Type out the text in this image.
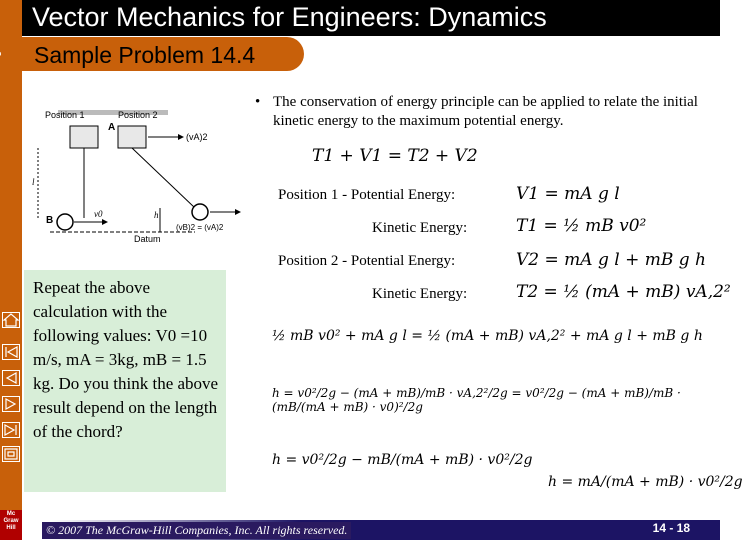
Mc
Graw
Hill
Vector Mechanics for Engineers: Dynamics
Sample Problem 14.4
Position 1	Position 2
A
l
(vA)2
B
v0
(vB)2 = (vA)2
h
Datum
• The conservation of energy principle can be applied to relate the initial kinetic energy to the maximum potential energy.
T1 + V1 = T2 + V2
Position 1 - Potential Energy:	V1 = mA g l
Kinetic Energy:	T1 = ½ mB v0²
Position 2 - Potential Energy:	V2 = mA g l + mB g h
Kinetic Energy:	T2 = ½ (mA + mB) vA,2²
½ mB v0² + mA g l = ½ (mA + mB) vA,2² + mA g l + mB g h
h = v0²/2g − (mA + mB)/mB · vA,2²/2g = v0²/2g − (mA + mB)/mB · (mB/(mA + mB) · v0)²/2g
h = v0²/2g − mB/(mA + mB) · v0²/2g
h = mA/(mA + mB) · v0²/2g
Repeat the above calculation with the following values: V0 =10 m/s, mA = 3kg, mB = 1.5 kg. Do you think the above result depend on the length of the chord?
© 2007 The McGraw-Hill Companies, Inc. All rights reserved.	14 - 18
